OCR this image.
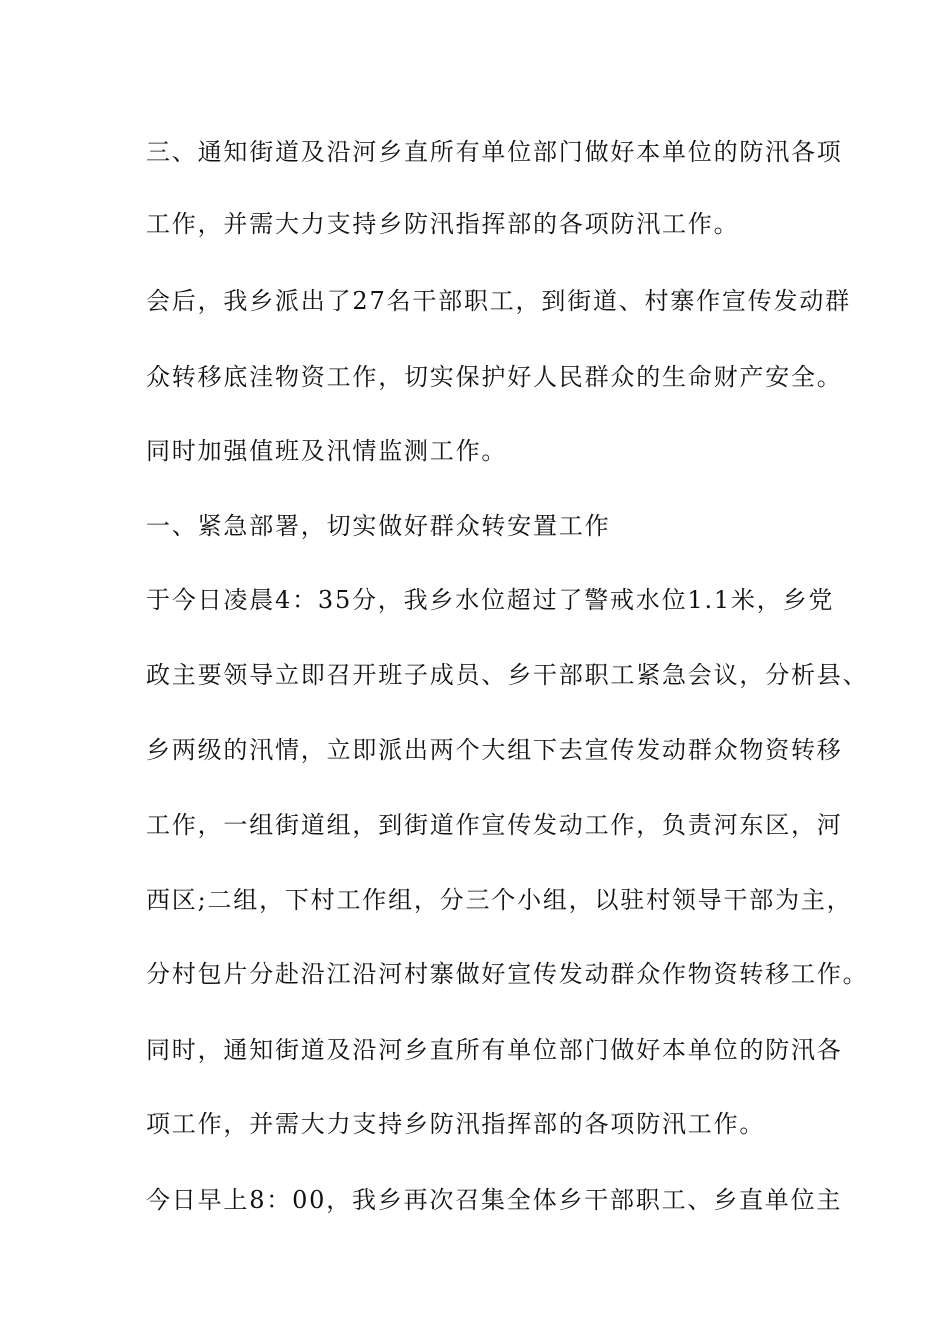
三、通知街道及沿河乡直所有单位部门做好本单位的防汛各项
工作，并需大力支持乡防汛指挥部的各项防汛工作。
会后，我乡派出了27名干部职工，到街道、村寨作宣传发动群
众转移底洼物资工作，切实保护好人民群众的生命财产安全。
同时加强值班及汛情监测工作。
一、紧急部署，切实做好群众转安置工作
于今日凌晨4：35分，我乡水位超过了警戒水位1.1米，乡党
政主要领导立即召开班子成员、乡干部职工紧急会议，分析县、
乡两级的汛情，立即派出两个大组下去宣传发动群众物资转移
工作，一组街道组，到街道作宣传发动工作，负责河东区，河
西区;二组，下村工作组，分三个小组，以驻村领导干部为主，
分村包片分赴沿江沿河村寨做好宣传发动群众作物资转移工作。
同时，通知街道及沿河乡直所有单位部门做好本单位的防汛各
项工作，并需大力支持乡防汛指挥部的各项防汛工作。
今日早上8：00，我乡再次召集全体乡干部职工、乡直单位主
